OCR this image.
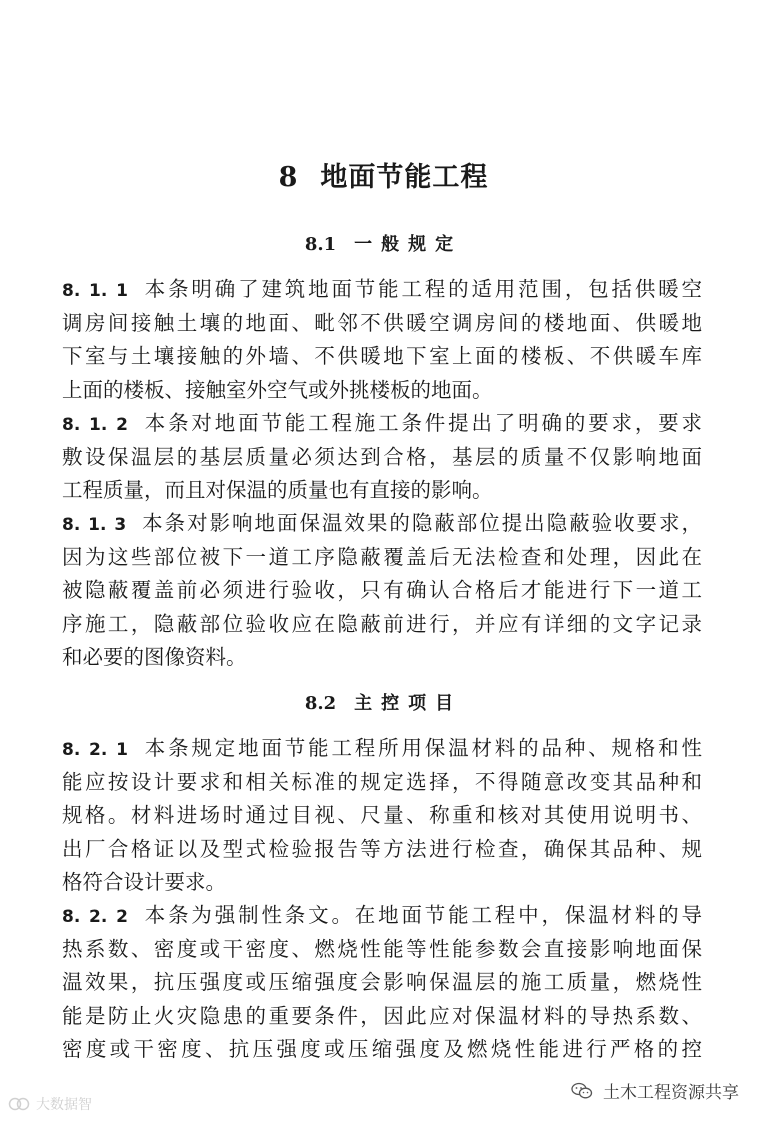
8 地面节能工程
8.1 一般规定
8. 1. 1 本条明确了建筑地面节能工程的适用范围，包括供暖空
调房间接触土壤的地面、毗邻不供暖空调房间的楼地面、供暖地
下室与土壤接触的外墙、不供暖地下室上面的楼板、不供暖车库
上面的楼板、接触室外空气或外挑楼板的地面。
8. 1. 2 本条对地面节能工程施工条件提出了明确的要求，要求
敷设保温层的基层质量必须达到合格，基层的质量不仅影响地面
工程质量，而且对保温的质量也有直接的影响。
8. 1. 3 本条对影响地面保温效果的隐蔽部位提出隐蔽验收要求，
因为这些部位被下一道工序隐蔽覆盖后无法检查和处理，因此在
被隐蔽覆盖前必须进行验收，只有确认合格后才能进行下一道工
序施工，隐蔽部位验收应在隐蔽前进行，并应有详细的文字记录
和必要的图像资料。
8.2 主控项目
8. 2. 1 本条规定地面节能工程所用保温材料的品种、规格和性
能应按设计要求和相关标准的规定选择，不得随意改变其品种和
规格。材料进场时通过目视、尺量、称重和核对其使用说明书、
出厂合格证以及型式检验报告等方法进行检查，确保其品种、规
格符合设计要求。
8. 2. 2 本条为强制性条文。在地面节能工程中，保温材料的导
热系数、密度或干密度、燃烧性能等性能参数会直接影响地面保
温效果，抗压强度或压缩强度会影响保温层的施工质量，燃烧性
能是防止火灾隐患的重要条件，因此应对保温材料的导热系数、
密度或干密度、抗压强度或压缩强度及燃烧性能进行严格的控
土木工程资源共享
大数据智
